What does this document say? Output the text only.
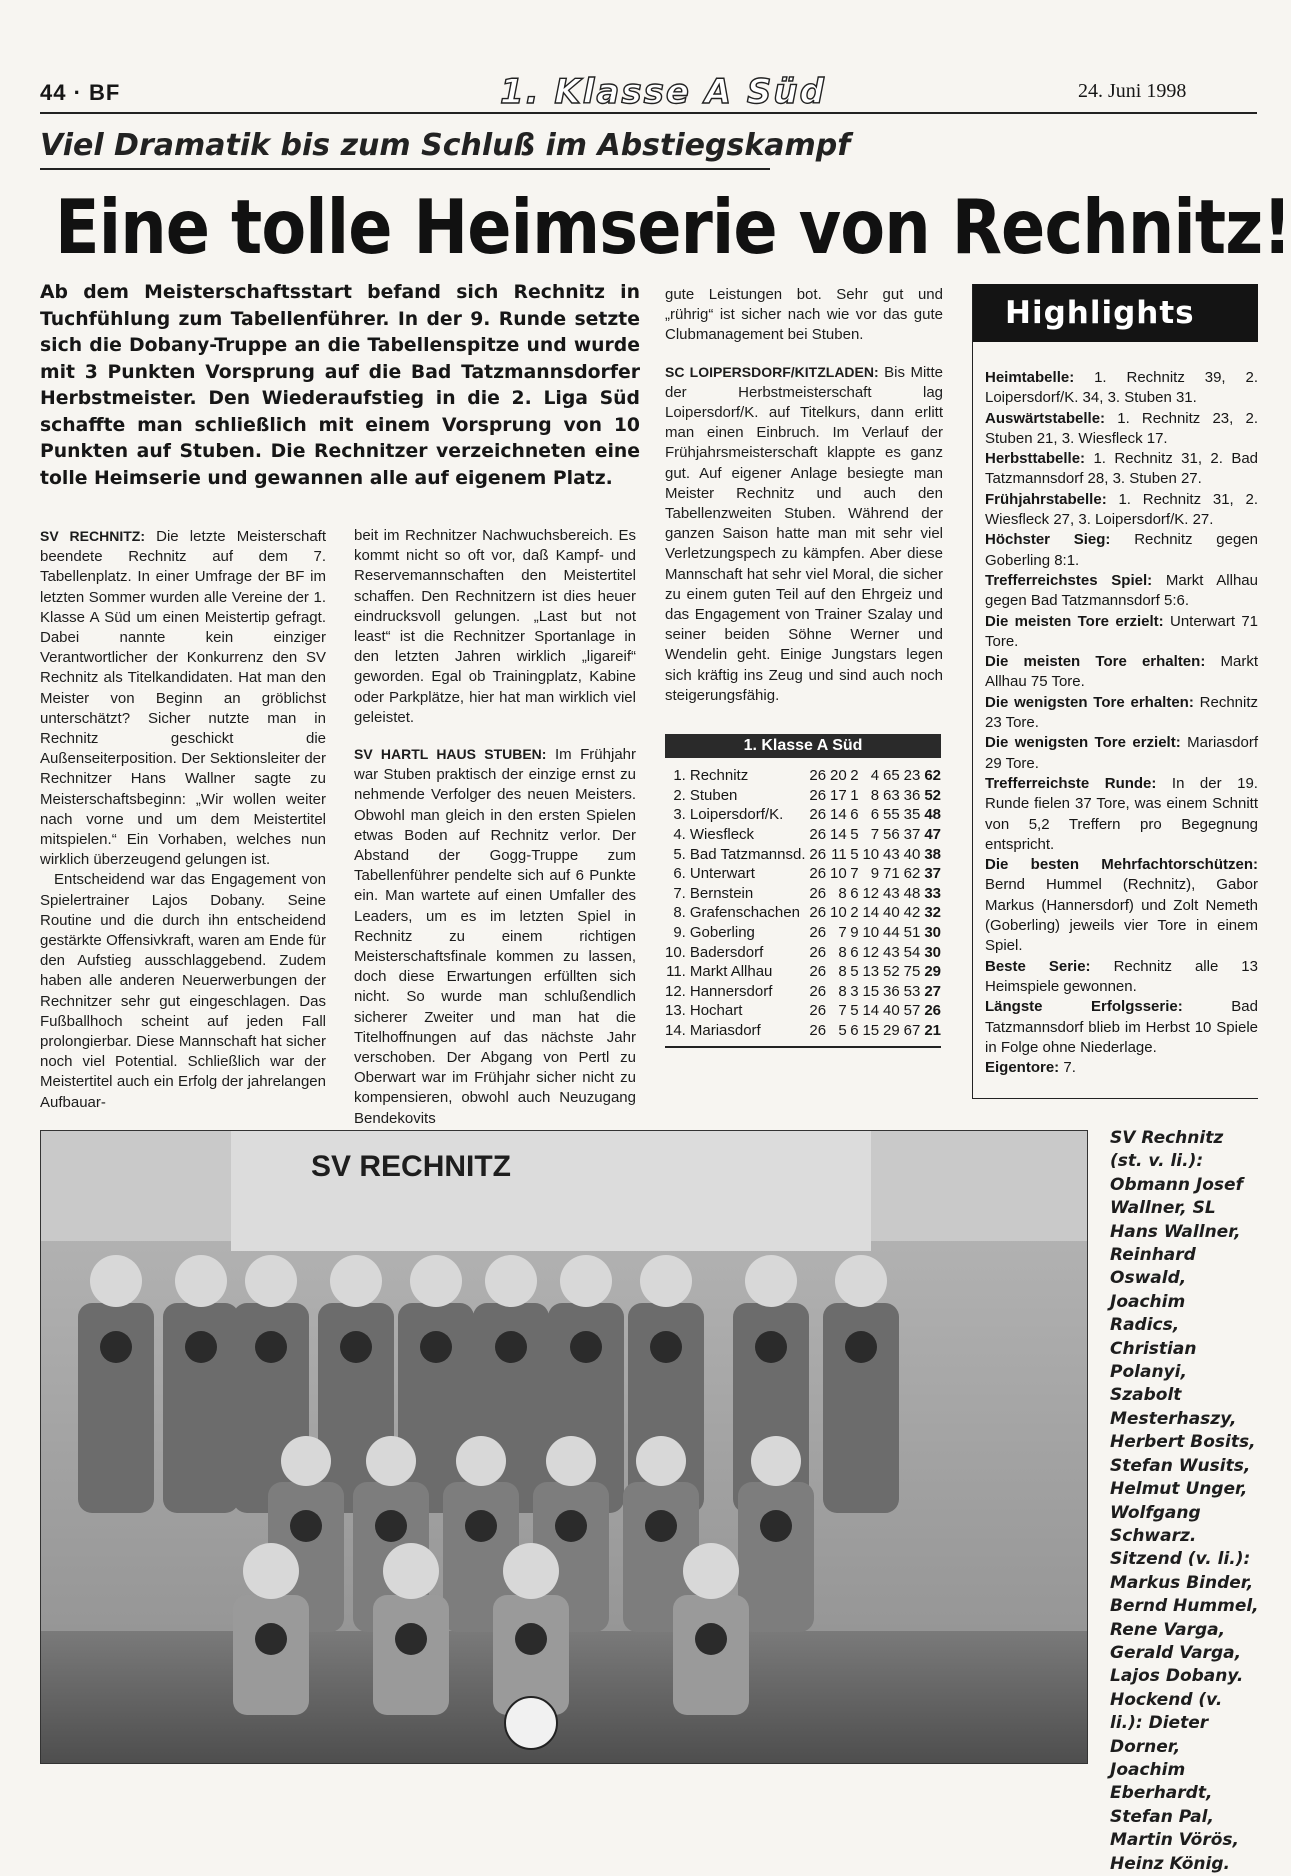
44 · BF	1. Klasse A Süd	24. Juni 1998
Viel Dramatik bis zum Schluß im Abstiegskampf
Eine tolle Heimserie von Rechnitz!
Ab dem Meisterschaftsstart befand sich Rechnitz in Tuchfühlung zum Tabellenführer. In der 9. Runde setzte sich die Dobany-Truppe an die Tabellenspitze und wurde mit 3 Punkten Vorsprung auf die Bad Tatzmannsdorfer Herbstmeister. Den Wiederaufstieg in die 2. Liga Süd schaffte man schließlich mit einem Vorsprung von 10 Punkten auf Stuben. Die Rechnitzer verzeichneten eine tolle Heimserie und gewannen alle auf eigenem Platz.

SV RECHNITZ: Die letzte Meisterschaft beendete Rechnitz auf dem 7. Tabellenplatz. In einer Umfrage der BF im letzten Sommer wurden alle Vereine der 1. Klasse A Süd um einen Meistertip gefragt. Dabei nannte kein einziger Verantwortlicher der Konkurrenz den SV Rechnitz als Titelkandidaten. Hat man den Meister von Beginn an gröblichst unterschätzt? Sicher nutzte man in Rechnitz geschickt die Außenseiterposition. Der Sektionsleiter der Rechnitzer Hans Wallner sagte zu Meisterschaftsbeginn: „Wir wollen weiter nach vorne und um dem Meistertitel mitspielen.“ Ein Vorhaben, welches nun wirklich überzeugend gelungen ist.

Entscheidend war das Engagement von Spielertrainer Lajos Dobany. Seine Routine und die durch ihn entscheidend gestärkte Offensivkraft, waren am Ende für den Aufstieg ausschlaggebend. Zudem haben alle anderen Neuerwerbungen der Rechnitzer sehr gut eingeschlagen. Das Fußballhoch scheint auf jeden Fall prolongierbar. Diese Mannschaft hat sicher noch viel Potential. Schließlich war der Meistertitel auch ein Erfolg der jahrelangen Aufbauar-

beit im Rechnitzer Nachwuchsbereich. Es kommt nicht so oft vor, daß Kampf- und Reservemannschaften den Meistertitel schaffen. Den Rechnitzern ist dies heuer eindrucksvoll gelungen. „Last but not least“ ist die Rechnitzer Sportanlage in den letzten Jahren wirklich „ligareif“ geworden. Egal ob Trainingplatz, Kabine oder Parkplätze, hier hat man wirklich viel geleistet.

SV HARTL HAUS STUBEN: Im Frühjahr war Stuben praktisch der einzige ernst zu nehmende Verfolger des neuen Meisters. Obwohl man gleich in den ersten Spielen etwas Boden auf Rechnitz verlor. Der Abstand der Gogg-Truppe zum Tabellenführer pendelte sich auf 6 Punkte ein. Man wartete auf einen Umfaller des Leaders, um es im letzten Spiel in Rechnitz zu einem richtigen Meisterschaftsfinale kommen zu lassen, doch diese Erwartungen erfüllten sich nicht. So wurde man schlußendlich sicherer Zweiter und man hat die Titelhoffnungen auf das nächste Jahr verschoben. Der Abgang von Pertl zu Oberwart war im Frühjahr sicher nicht zu kompensieren, obwohl auch Neuzugang Bendekovits

gute Leistungen bot. Sehr gut und „rührig“ ist sicher nach wie vor das gute Clubmanagement bei Stuben.

SC LOIPERSDORF/KITZLADEN: Bis Mitte der Herbstmeisterschaft lag Loipersdorf/K. auf Titelkurs, dann erlitt man einen Einbruch. Im Verlauf der Frühjahrsmeisterschaft klappte es ganz gut. Auf eigener Anlage besiegte man Meister Rechnitz und auch den Tabellenzweiten Stuben. Während der ganzen Saison hatte man mit sehr viel Verletzungspech zu kämpfen. Aber diese Mannschaft hat sehr viel Moral, die sicher zu einem guten Teil auf den Ehrgeiz und das Engagement von Trainer Szalay und seiner beiden Söhne Werner und Wendelin geht. Einige Jungstars legen sich kräftig ins Zeug und sind auch noch steigerungsfähig.
1. Klasse A Süd
1.	Rechnitz	26	20	2	4	65	23	62
2.	Stuben	26	17	1	8	63	36	52
3.	Loipersdorf/K.	26	14	6	6	55	35	48
4.	Wiesfleck	26	14	5	7	56	37	47
5.	Bad Tatzmannsd.	26	11	5	10	43	40	38
6.	Unterwart	26	10	7	9	71	62	37
7.	Bernstein	26	8	6	12	43	48	33
8.	Grafenschachen	26	10	2	14	40	42	32
9.	Goberling	26	7	9	10	44	51	30
10.	Badersdorf	26	8	6	12	43	54	30
11.	Markt Allhau	26	8	5	13	52	75	29
12.	Hannersdorf	26	8	3	15	36	53	27
13.	Hochart	26	7	5	14	40	57	26
14.	Mariasdorf	26	5	6	15	29	67	21
Highlights
Heimtabelle: 1. Rechnitz 39, 2. Loipersdorf/K. 34, 3. Stuben 31.
Auswärtstabelle: 1. Rechnitz 23, 2. Stuben 21, 3. Wiesfleck 17.
Herbsttabelle: 1. Rechnitz 31, 2. Bad Tatzmannsdorf 28, 3. Stuben 27.
Frühjahrstabelle: 1. Rechnitz 31, 2. Wiesfleck 27, 3. Loipersdorf/K. 27.
Höchster Sieg: Rechnitz gegen Goberling 8:1.
Trefferreichstes Spiel: Markt Allhau gegen Bad Tatzmannsdorf 5:6.
Die meisten Tore erzielt: Unterwart 71 Tore.
Die meisten Tore erhalten: Markt Allhau 75 Tore.
Die wenigsten Tore erhalten: Rechnitz 23 Tore.
Die wenigsten Tore erzielt: Mariasdorf 29 Tore.
Trefferreichste Runde: In der 19. Runde fielen 37 Tore, was einem Schnitt von 5,2 Treffern pro Begegnung entspricht.
Die besten Mehrfachtorschützen: Bernd Hummel (Rechnitz), Gabor Markus (Hannersdorf) und Zolt Nemeth (Goberling) jeweils vier Tore in einem Spiel.
Beste Serie: Rechnitz alle 13 Heimspiele gewonnen.
Längste Erfolgsserie:	Bad Tatzmannsdorf blieb im Herbst 10 Spiele in Folge ohne Niederlage.
Eigentore: 7.
SV RECHNITZ
SV Rechnitz (st. v. li.): Obmann Josef Wallner, SL Hans Wallner, Reinhard Oswald, Joachim Radics, Christian Polanyi, Szabolt Mesterhaszy, Herbert Bosits, Stefan Wusits, Helmut Unger, Wolfgang Schwarz. Sitzend (v. li.): Markus Binder, Bernd Hummel, Rene Varga, Gerald Varga, Lajos Dobany. Hockend (v. li.): Dieter Dorner, Joachim Eberhardt, Stefan Pal, Martin Vörös, Heinz König.
